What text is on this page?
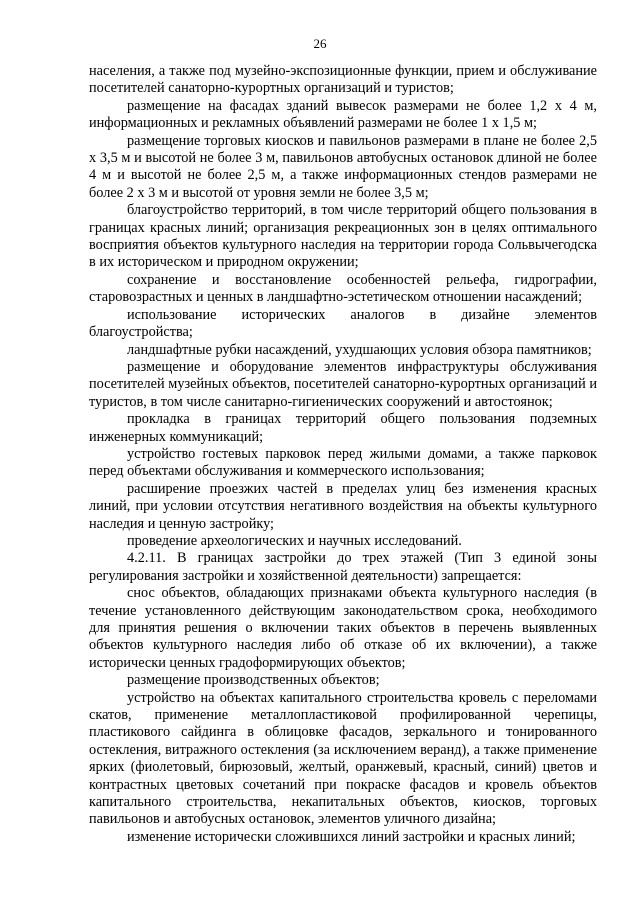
26

населения, а также под музейно-экспозиционные функции, прием и обслуживание посетителей санаторно-курортных организаций и туристов;

размещение на фасадах зданий вывесок размерами не более 1,2 х 4 м, информационных и рекламных объявлений размерами не более 1 х 1,5 м;

размещение торговых киосков и павильонов размерами в плане не более 2,5 х 3,5 м и высотой не более 3 м, павильонов автобусных остановок длиной не более 4 м и высотой не более 2,5 м, а также информационных стендов размерами не более 2 х 3 м и высотой от уровня земли не более 3,5 м;

благоустройство территорий, в том числе территорий общего пользования в границах красных линий; организация рекреационных зон в целях оптимального восприятия объектов культурного наследия на территории города Сольвычегодска в их историческом и природном окружении;

сохранение и восстановление особенностей рельефа, гидрографии, старовозрастных и ценных в ландшафтно-эстетическом отношении насаждений;

использование исторических аналогов в дизайне элементов благоустройства;

ландшафтные рубки насаждений, ухудшающих условия обзора памятников;

размещение и оборудование элементов инфраструктуры обслуживания посетителей музейных объектов, посетителей санаторно-курортных организаций и туристов, в том числе санитарно-гигиенических сооружений и автостоянок;

прокладка в границах территорий общего пользования подземных инженерных коммуникаций;

устройство гостевых парковок перед жилыми домами, а также парковок перед объектами обслуживания и коммерческого использования;

расширение проезжих частей в пределах улиц без изменения красных линий, при условии отсутствия негативного воздействия на объекты культурного наследия и ценную застройку;

проведение археологических и научных исследований.

4.2.11. В границах застройки до трех этажей (Тип 3 единой зоны регулирования застройки и хозяйственной деятельности) запрещается:

снос объектов, обладающих признаками объекта культурного наследия (в течение установленного действующим законодательством срока, необходимого для принятия решения о включении таких объектов в перечень выявленных объектов культурного наследия либо об отказе об их включении), а также исторически ценных градоформирующих объектов;

размещение производственных объектов;

устройство на объектах капитального строительства кровель с переломами скатов, применение металлопластиковой профилированной черепицы, пластикового сайдинга в облицовке фасадов, зеркального и тонированного остекления, витражного остекления (за исключением веранд), а также применение ярких (фиолетовый, бирюзовый, желтый, оранжевый, красный, синий) цветов и контрастных цветовых сочетаний при покраске фасадов и кровель объектов капитального строительства, некапитальных объектов, киосков, торговых павильонов и автобусных остановок, элементов уличного дизайна;

изменение исторически сложившихся линий застройки и красных линий;
